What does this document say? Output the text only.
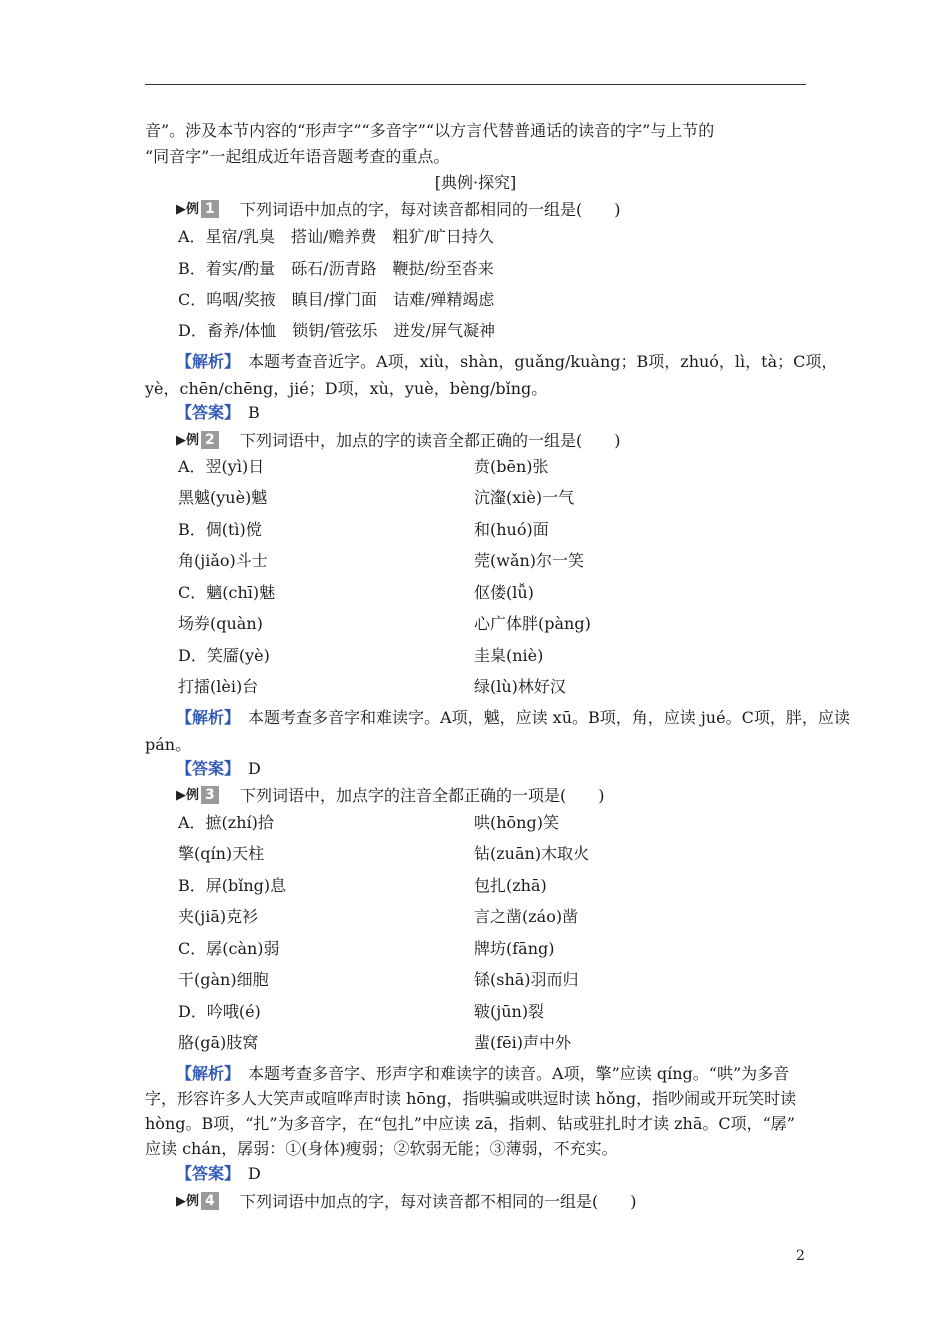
音”。涉及本节内容的“形声字”“多音字”“以方言代替普通话的读音的字”与上节的
“同音字”一起组成近年语音题考查的重点。
[典例·探究]
▶例 1 下列词语中加点的字，每对读音都相同的一组是(　　)
A．星宿/乳臭　搭讪/赡养费　粗犷/旷日持久
B．着实/酌量　砾石/沥青路　鞭挞/纷至沓来
C．呜咽/奖掖　瞋目/撑门面　诘难/殚精竭虑
D．畜养/体恤　锁钥/管弦乐　迸发/屏气凝神
【解析】　 本题考查音近字。A项，xiù，shàn，guǎng/kuàng；B项，zhuó，lì，tà；C项，
yè，chēn/chēng，jié；D项，xù，yuè，bèng/bǐng。
【答案】　 B
▶例 2 下列词语中，加点的字的读音全都正确的一组是(　　)
A．翌(yì)日	贲(bēn)张
黑魆(yuè)魆	沆瀣(xiè)一气
B．倜(tì)傥	和(huó)面
角(jiǎo)斗士	莞(wǎn)尔一笑
C．魑(chī)魅	伛偻(lǚ)
场券(quàn)	心广体胖(pàng)
D．笑靥(yè)	圭臬(niè)
打擂(lèi)台	绿(lù)林好汉
【解析】　 本题考查多音字和难读字。A项，魆，应读 xū。B项，角，应读 jué。C项，胖，应读
pán。
【答案】　 D
▶例 3 下列词语中，加点字的注音全都正确的一项是(　　)
A．摭(zhí)拾	哄(hōng)笑
擎(qín)天柱	钻(zuān)木取火
B．屏(bǐng)息	包扎(zhā)
夹(jiā)克衫	言之凿(záo)凿
C．孱(càn)弱	牌坊(fāng)
干(gàn)细胞	铩(shā)羽而归
D．吟哦(é)	皲(jūn)裂
胳(gā)肢窝	蜚(fēi)声中外
【解析】　 本题考查多音字、形声字和难读字的读音。A项，擎”应读 qíng。“哄”为多音
字，形容许多人大笑声或喧哗声时读 hōng，指哄骗或哄逗时读 hǒng，指吵闹或开玩笑时读
hòng。B项，“扎”为多音字，在“包扎”中应读 zā，指刺、钻或驻扎时才读 zhā。C项，“孱”
应读 chán，孱弱：①(身体)瘦弱；②软弱无能；③薄弱，不充实。
【答案】　 D
▶例 4 下列词语中加点的字，每对读音都不相同的一组是(　　)
2
